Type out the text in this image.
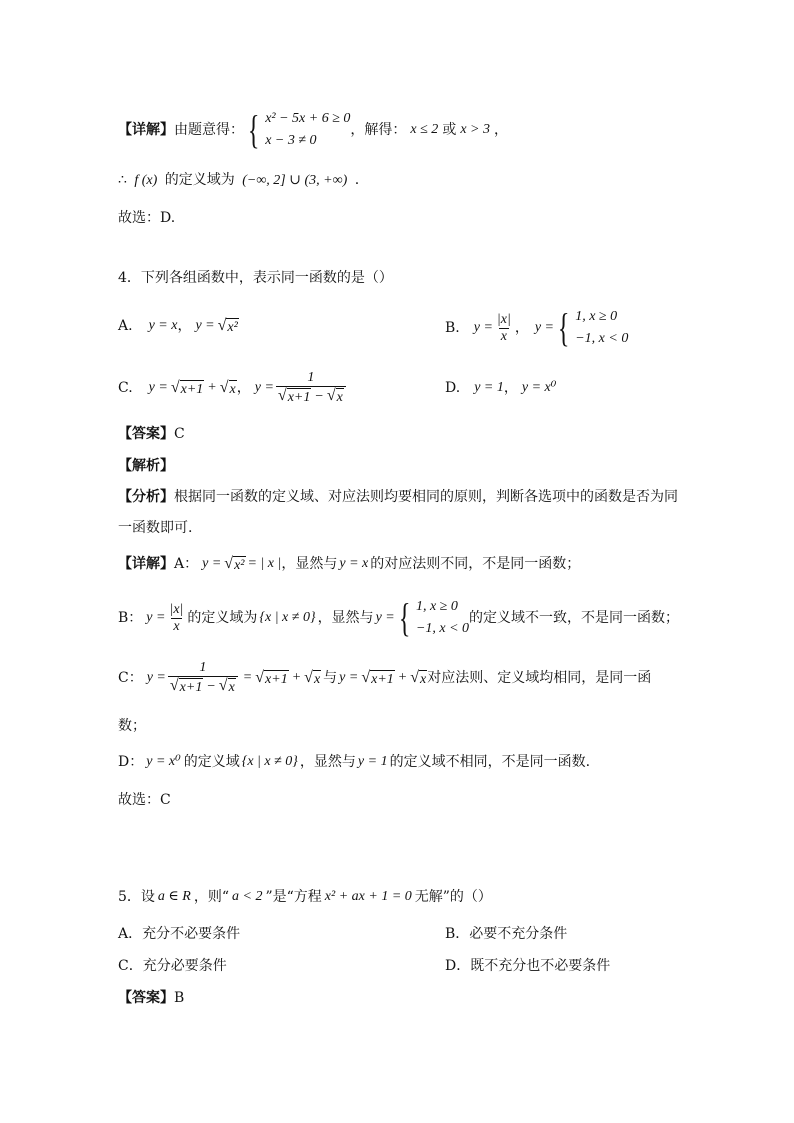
【详解】 由题意得： { x² − 5x + 6 ≥ 0
x − 3 ≠ 0
，解得： x ≤ 2 或 x > 3 ，
∴ f (x) 的定义域为 (−∞, 2] ∪ (3, +∞) .
故选：D.
4．下列各组函数中，表示同一函数的是（）
A. y = x ， y = √ x²	B. $y = \frac{|x|}{x}$ ， y = { 1, x ≥ 0
−1, x < 0
C. y = √ x+1 + √ x ， $y = \frac{1}{√ x+1 - √ x}$	D. y = 1 ， y = x⁰
【答案】C
【解析】
【分析】根据同一函数的定义域、对应法则均要相同的原则，判断各选项中的函数是否为同
一函数即可.
【详解】 A： y = √ x² = | x | ，显然与 y = x 的对应法则不同，不是同一函数；
B： $y = \frac{|x|}{x}$ 的定义域为 {x | x ≠ 0} ，显然与 y = { 1, x ≥ 0
−1, x < 0
的定义域不一致，不是同一函数；
C： $y = \frac{1}{√ x+1 - √ x}$ = √ x+1 + √ x 与 y = √ x+1 + √ x 对应法则、定义域均相同，是同一函
数；
D： y = x⁰ 的定义域 {x | x ≠ 0} ，显然与 y = 1 的定义域不相同，不是同一函数.
故选：C
5．设 a ∈ R ，则“ a < 2 ”是“方程 x² + ax + 1 = 0 无解”的（）
A．充分不必要条件	B．必要不充分条件
C．充分必要条件	D．既不充分也不必要条件
【答案】B
